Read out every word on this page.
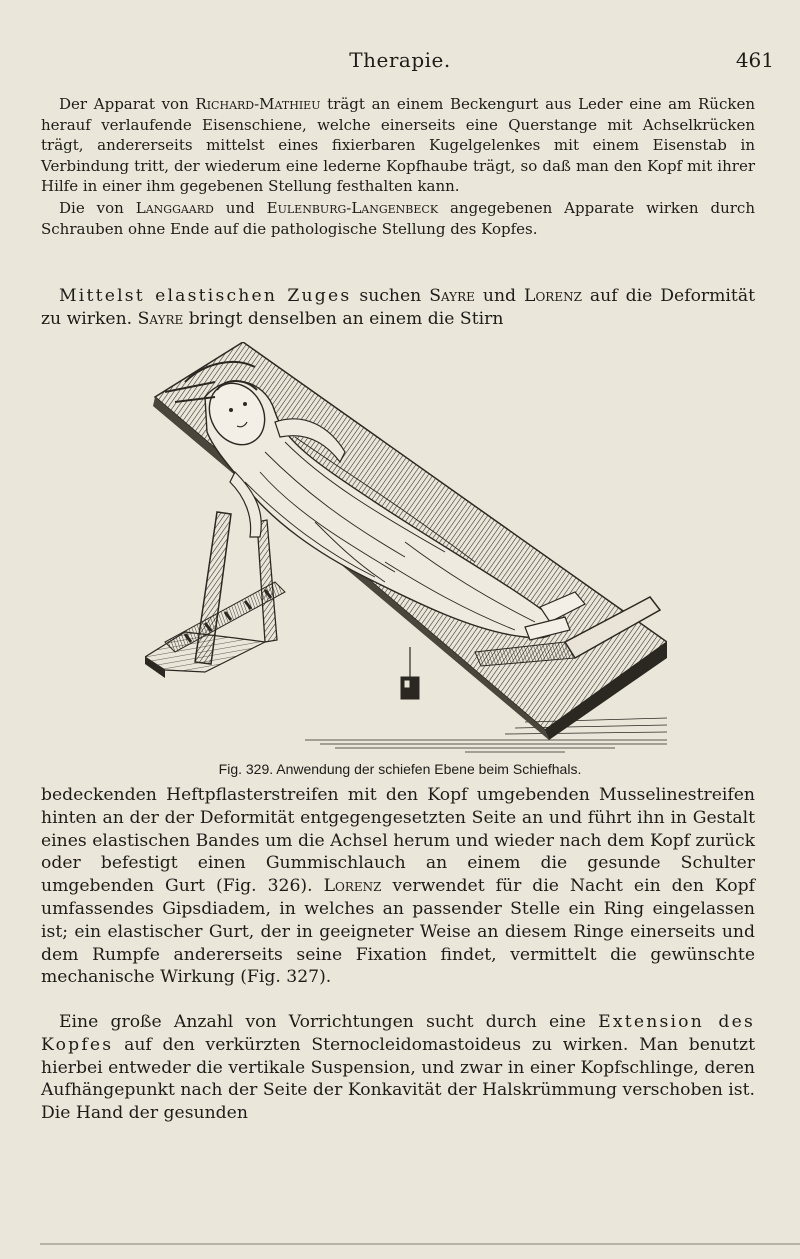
Therapie.	461

Der Apparat von Richard-Mathieu trägt an einem Beckengurt aus Leder eine am Rücken herauf verlaufende Eisenschiene, welche einerseits eine Querstange mit Achselkrücken trägt, andererseits mittelst eines fixierbaren Kugelgelenkes mit einem Eisenstab in Verbindung tritt, der wiederum eine lederne Kopfhaube trägt, so daß man den Kopf mit ihrer Hilfe in einer ihm gegebenen Stellung festhalten kann.

Die von Langgaard und Eulenburg-Langenbeck angegebenen Apparate wirken durch Schrauben ohne Ende auf die pathologische Stellung des Kopfes.

Mittelst elastischen Zuges suchen Sayre und Lorenz auf die Deformität zu wirken. Sayre bringt denselben an einem die Stirn

Fig. 329. Anwendung der schiefen Ebene beim Schiefhals.

bedeckenden Heftpflasterstreifen mit den Kopf umgebenden Musselinestreifen hinten an der der Deformität entgegengesetzten Seite an und führt ihn in Gestalt eines elastischen Bandes um die Achsel herum und wieder nach dem Kopf zurück oder befestigt einen Gummischlauch an einem die gesunde Schulter umgebenden Gurt (Fig. 326). Lorenz verwendet für die Nacht ein den Kopf umfassendes Gipsdiadem, in welches an passender Stelle ein Ring eingelassen ist; ein elastischer Gurt, der in geeigneter Weise an diesem Ringe einerseits und dem Rumpfe andererseits seine Fixation findet, vermittelt die gewünschte mechanische Wirkung (Fig. 327).

Eine große Anzahl von Vorrichtungen sucht durch eine Extension des Kopfes auf den verkürzten Sternocleidomastoideus zu wirken. Man benutzt hierbei entweder die vertikale Suspension, und zwar in einer Kopfschlinge, deren Aufhängepunkt nach der Seite der Konkavität der Halskrümmung verschoben ist. Die Hand der gesunden
